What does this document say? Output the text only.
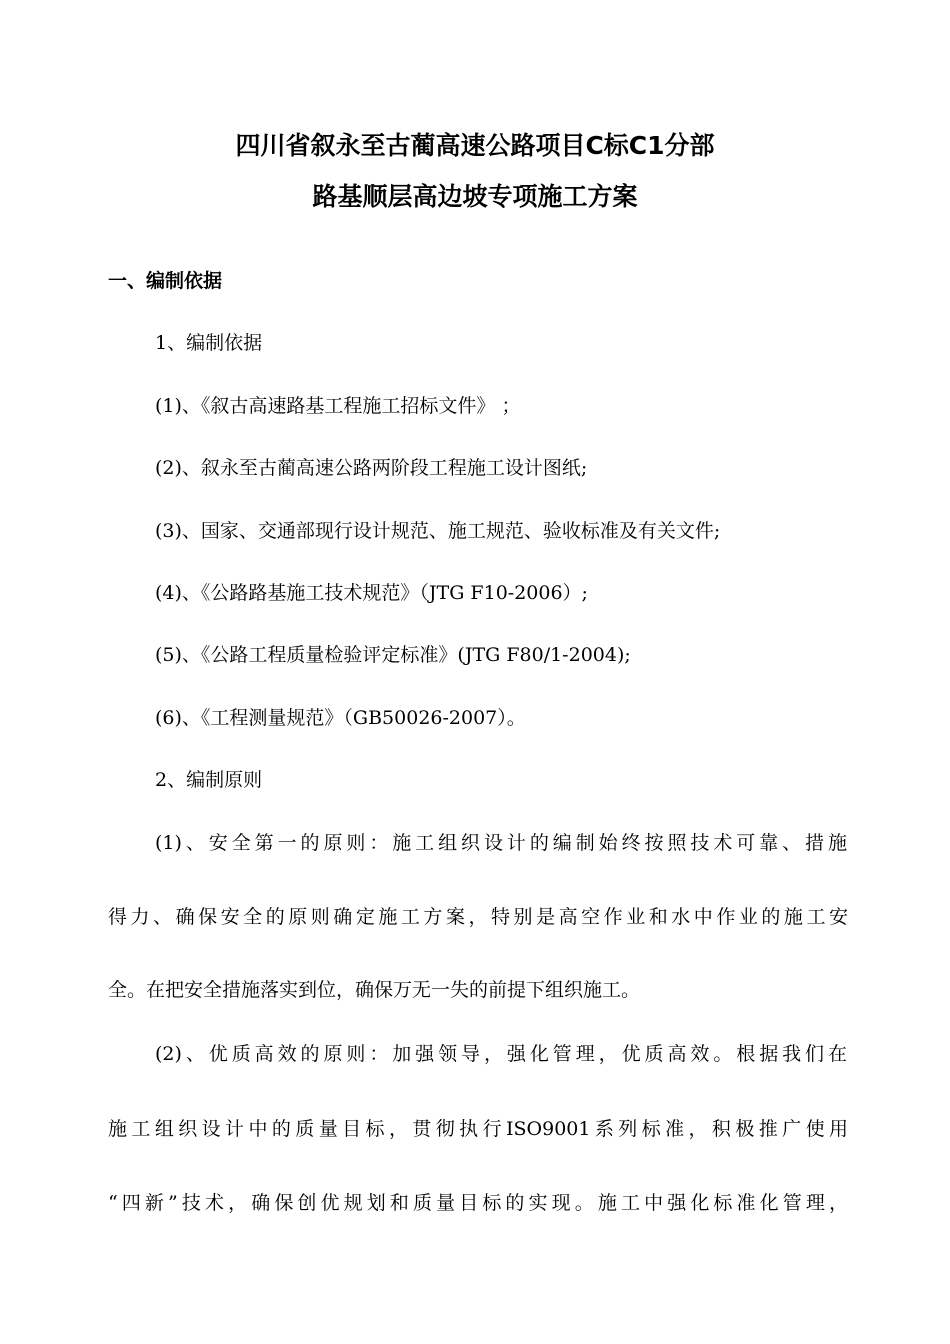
四川省叙永至古蔺高速公路项目C标C1分部
路基顺层高边坡专项施工方案
一、编制依据
1、编制依据
(1)、《叙古高速路基工程施工招标文件》 ；
(2)、叙永至古蔺高速公路两阶段工程施工设计图纸;
(3)、国家、交通部现行设计规范、施工规范、验收标准及有关文件;
(4)、《公路路基施工技术规范》（JTG F10-2006）;
(5)、《公路工程质量检验评定标准》(JTG F80/1-2004);
(6)、《工程测量规范》（GB50026-2007）。
2、编制原则
(1)、安全第一的原则：施工组织设计的编制始终按照技术可靠、措施
得力、确保安全的原则确定施工方案，特别是高空作业和水中作业的施工安
全。在把安全措施落实到位，确保万无一失的前提下组织施工。
(2)、优质高效的原则：加强领导，强化管理，优质高效。根据我们在
施工组织设计中的质量目标，贯彻执行ISO9001系列标准，积极推广使用
“四新”技术，确保创优规划和质量目标的实现。施工中强化标准化管理，
